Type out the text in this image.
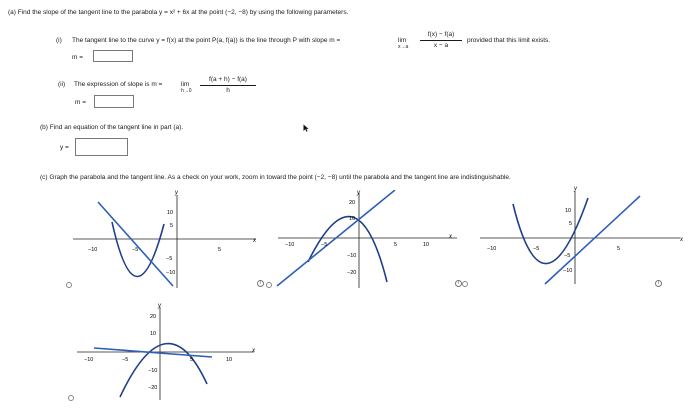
(a) Find the slope of the tangent line to the parabola y = x² + 6x at the point (−2, −8) by using the following parameters.
(i) The tangent line to the curve y = f(x) at the point P(a, f(a)) is the line through P with slope m =	lim
x→a
f(x) − f(a)
x − a
provided that this limit exists.
m =
(ii) The expression of slope is m =	lim
h→0
f(a + h) − f(a)
h
m =
(b) Find an equation of the tangent line in part (a).
y =
(c) Graph the parabola and the tangent line. As a check on your work, zoom in toward the point (−2, −8) until the parabola and the tangent line are indistinguishable.
y
x
10
5
−10	−5	5
−5
−10
i
y
x
20
10
−10	−5	5	10
−10
−20
i
y
x
10
5
−10	−5	5
−5
−10
i
y
x
20
10
−10	−5	5	10
−10
−20
